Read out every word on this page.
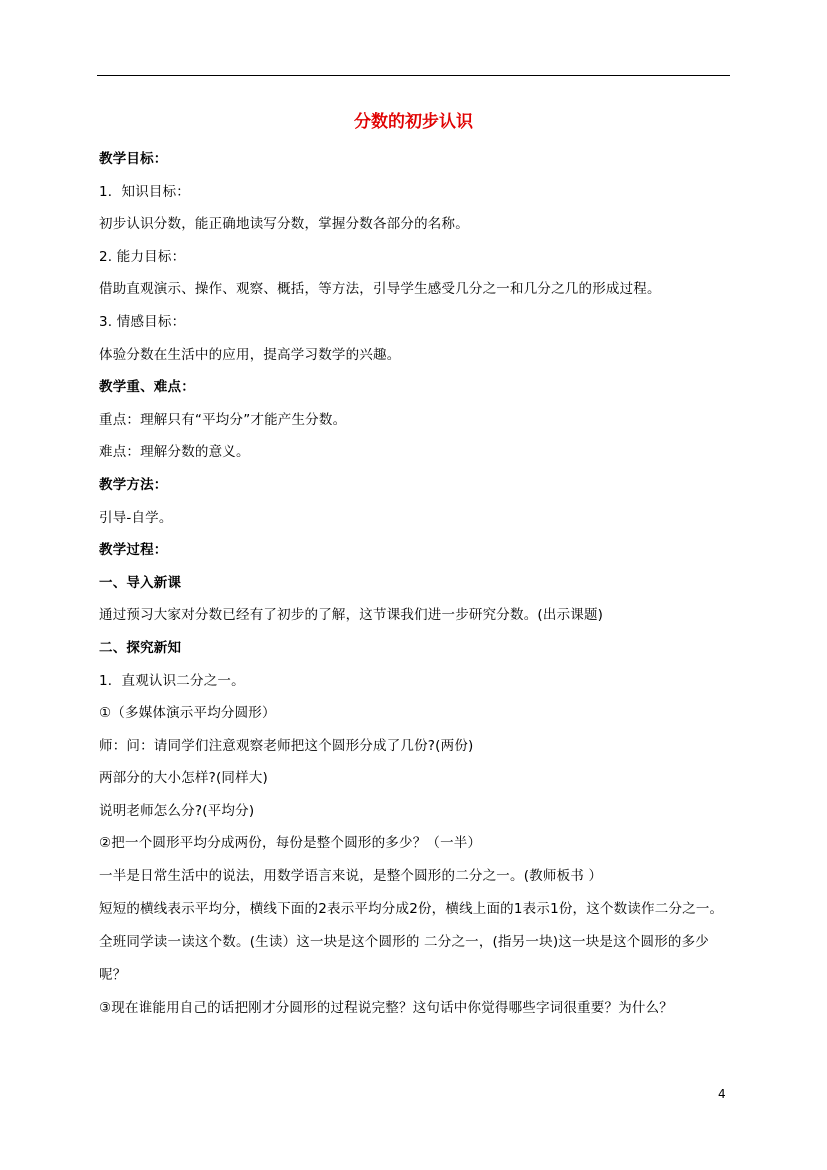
分数的初步认识
教学目标：
1．知识目标：
初步认识分数，能正确地读写分数，掌握分数各部分的名称。
2. 能力目标：
借助直观演示、操作、观察、概括，等方法，引导学生感受几分之一和几分之几的形成过程。
3. 情感目标：
体验分数在生活中的应用，提高学习数学的兴趣。
教学重、难点：
重点：理解只有“平均分”才能产生分数。
难点：理解分数的意义。
教学方法：
引导-自学。
教学过程：
一、导入新课
通过预习大家对分数已经有了初步的了解，这节课我们进一步研究分数。(出示课题)
二、探究新知
1．直观认识二分之一。
①（多媒体演示平均分圆形）
师：问：请同学们注意观察老师把这个圆形分成了几份?(两份)
两部分的大小怎样?(同样大)
说明老师怎么分?(平均分)
②把一个圆形平均分成两份，每份是整个圆形的多少？（一半）
一半是日常生活中的说法，用数学语言来说，是整个圆形的二分之一。(教师板书 ）
短短的横线表示平均分，横线下面的2表示平均分成2份，横线上面的1表示1份，这个数读作二分之一。
全班同学读一读这个数。(生读）这一块是这个圆形的 二分之一，(指另一块)这一块是这个圆形的多少呢？
③现在谁能用自己的话把刚才分圆形的过程说完整？这句话中你觉得哪些字词很重要？为什么？
4
